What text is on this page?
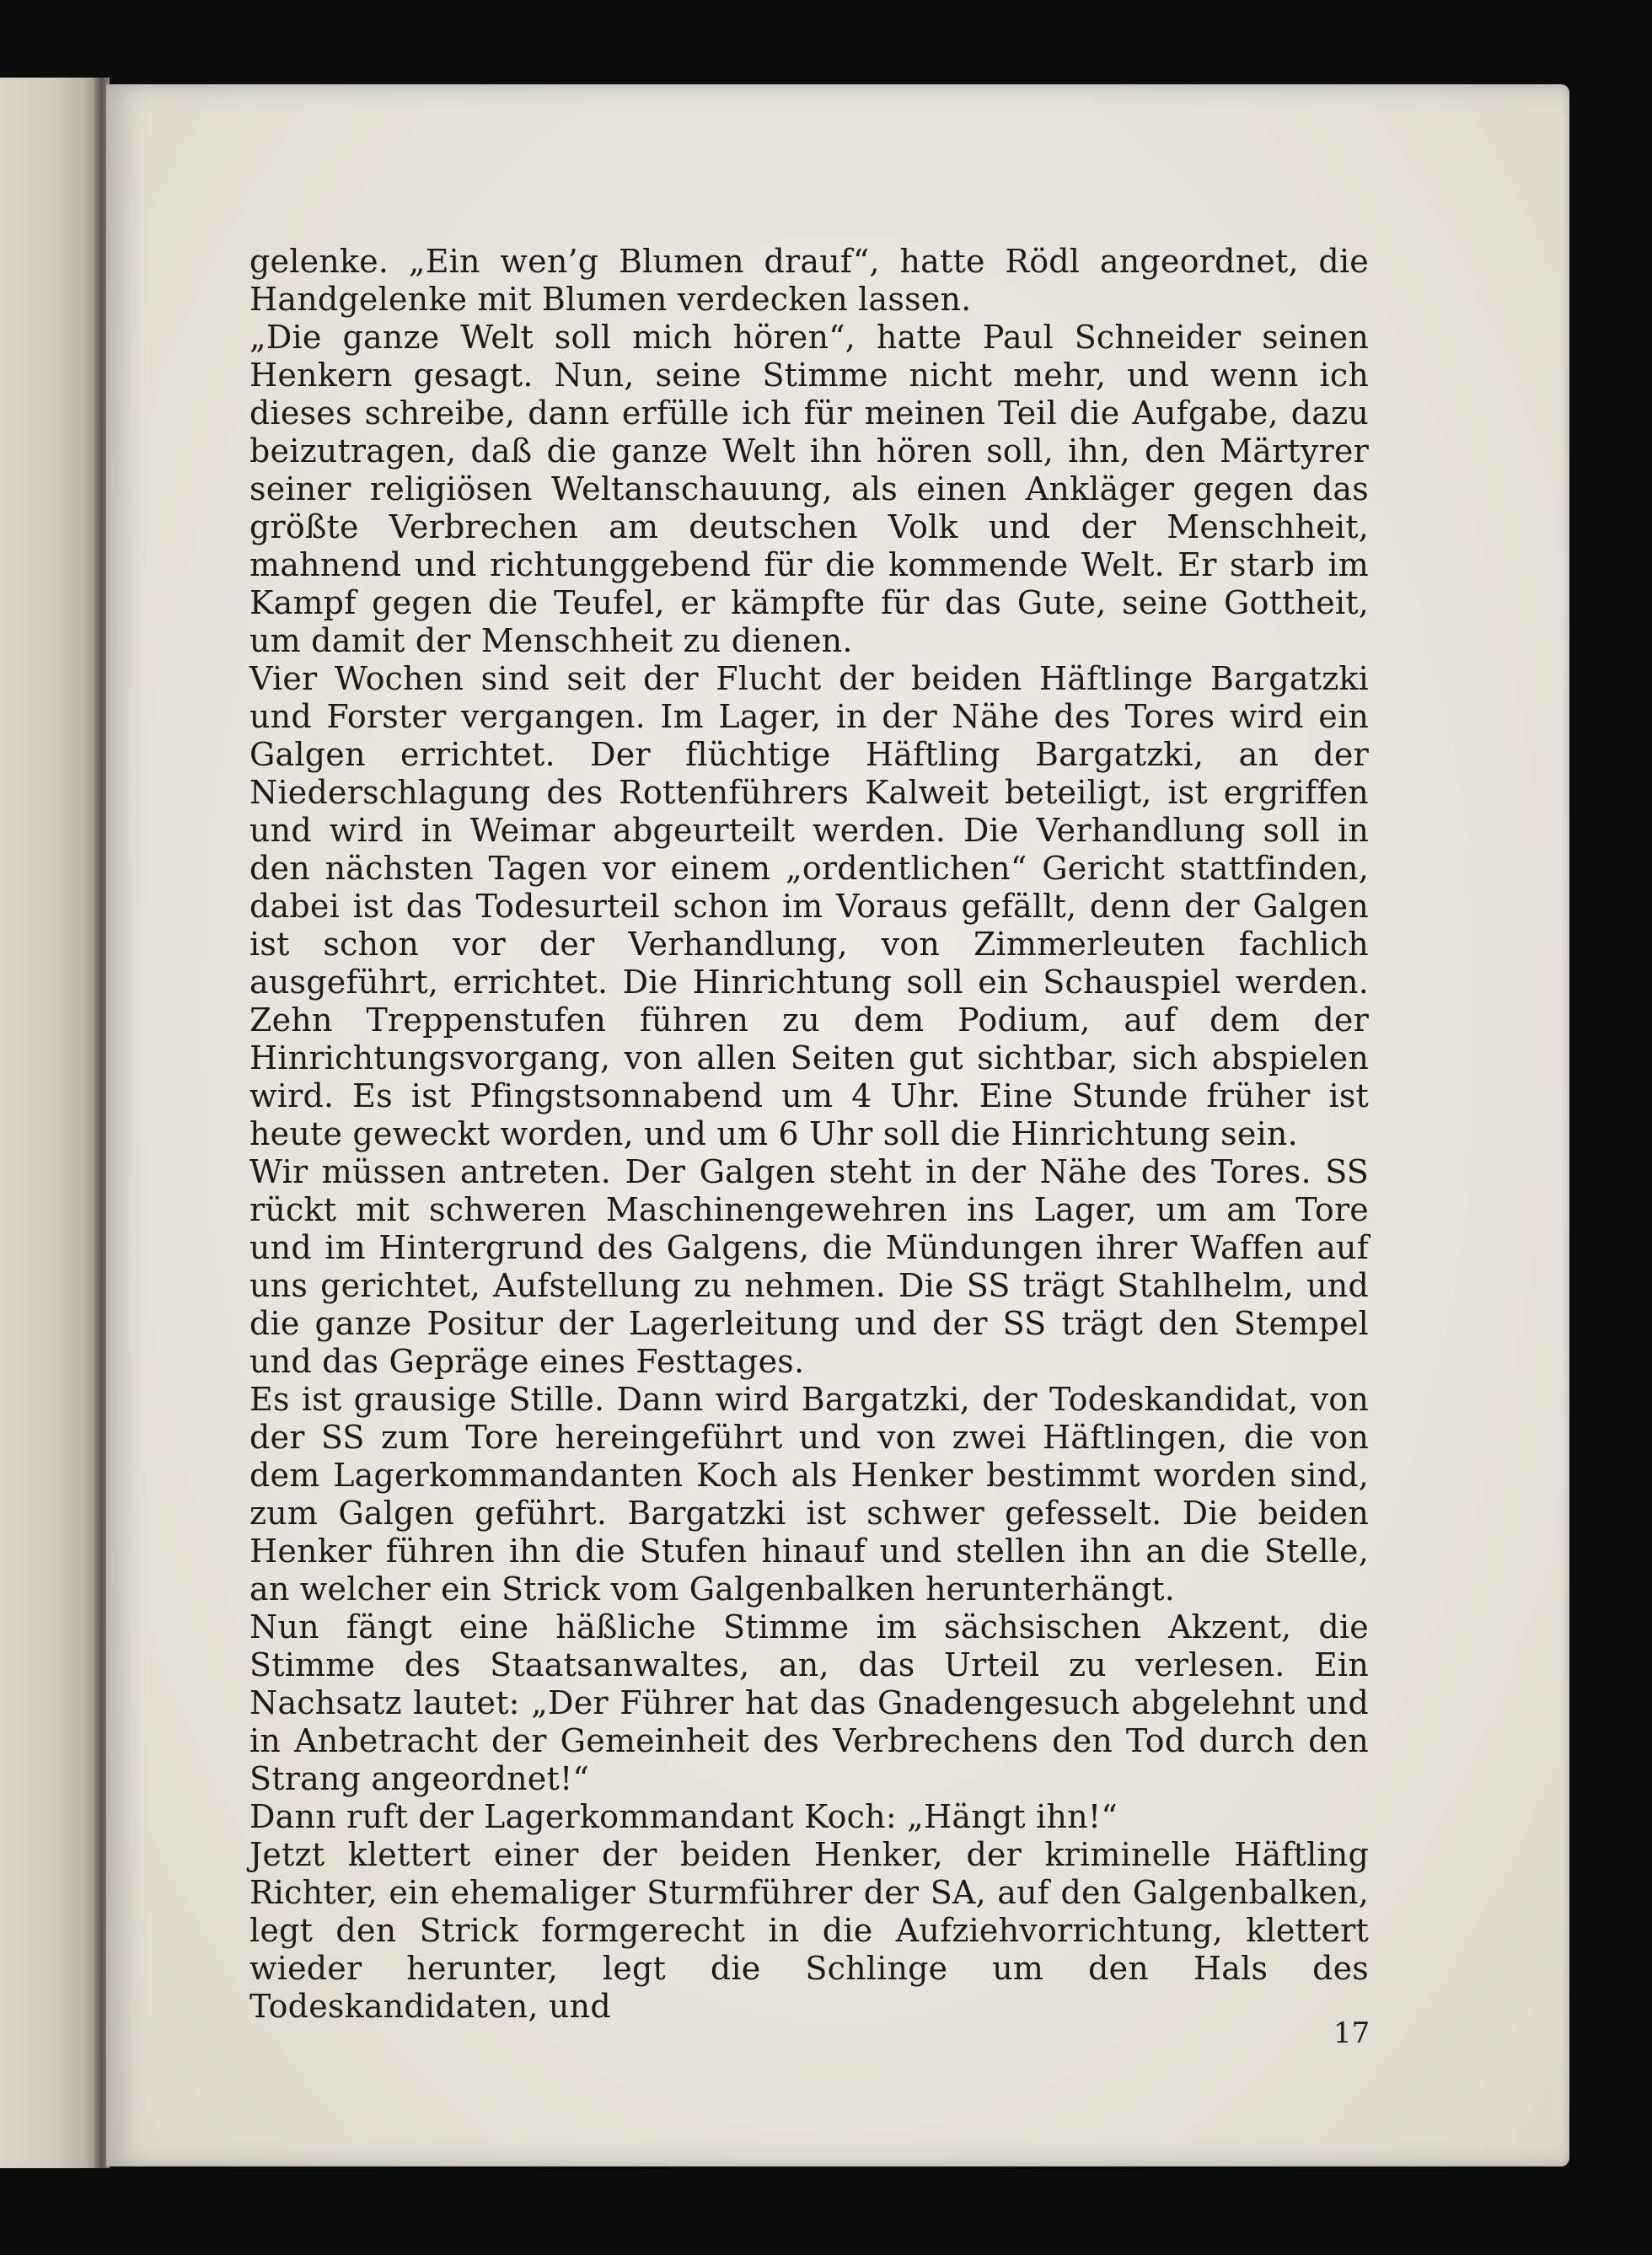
gelenke. „Ein wen’g Blumen drauf“, hatte Rödl angeordnet, die Handgelenke mit Blumen verdecken lassen.

„Die ganze Welt soll mich hören“, hatte Paul Schneider seinen Henkern gesagt. Nun, seine Stimme nicht mehr, und wenn ich dieses schreibe, dann erfülle ich für meinen Teil die Aufgabe, dazu beizutragen, daß die ganze Welt ihn hören soll, ihn, den Märtyrer seiner religiösen Weltanschauung, als einen Ankläger gegen das größte Verbrechen am deutschen Volk und der Menschheit, mahnend und richtunggebend für die kommende Welt. Er starb im Kampf gegen die Teufel, er kämpfte für das Gute, seine Gottheit, um damit der Menschheit zu dienen.

Vier Wochen sind seit der Flucht der beiden Häftlinge Bargatzki und Forster vergangen. Im Lager, in der Nähe des Tores wird ein Galgen errichtet. Der flüchtige Häftling Bargatzki, an der Niederschlagung des Rottenführers Kalweit beteiligt, ist ergriffen und wird in Weimar abgeurteilt werden. Die Verhandlung soll in den nächsten Tagen vor einem „ordentlichen“ Gericht stattfinden, dabei ist das Todesurteil schon im Voraus gefällt, denn der Galgen ist schon vor der Verhandlung, von Zimmerleuten fachlich ausgeführt, errichtet. Die Hinrichtung soll ein Schauspiel werden. Zehn Treppenstufen führen zu dem Podium, auf dem der Hinrichtungsvorgang, von allen Seiten gut sichtbar, sich abspielen wird. Es ist Pfingstsonnabend um 4 Uhr. Eine Stunde früher ist heute geweckt worden, und um 6 Uhr soll die Hinrichtung sein.

Wir müssen antreten. Der Galgen steht in der Nähe des Tores. SS rückt mit schweren Maschinengewehren ins Lager, um am Tore und im Hintergrund des Galgens, die Mündungen ihrer Waffen auf uns gerichtet, Aufstellung zu nehmen. Die SS trägt Stahlhelm, und die ganze Positur der Lagerleitung und der SS trägt den Stempel und das Gepräge eines Festtages.

Es ist grausige Stille. Dann wird Bargatzki, der Todeskandidat, von der SS zum Tore hereingeführt und von zwei Häftlingen, die von dem Lagerkommandanten Koch als Henker bestimmt worden sind, zum Galgen geführt. Bargatzki ist schwer gefesselt. Die beiden Henker führen ihn die Stufen hinauf und stellen ihn an die Stelle, an welcher ein Strick vom Galgenbalken herunterhängt.

Nun fängt eine häßliche Stimme im sächsischen Akzent, die Stimme des Staatsanwaltes, an, das Urteil zu verlesen. Ein Nachsatz lautet: „Der Führer hat das Gnadengesuch abgelehnt und in Anbetracht der Gemeinheit des Verbrechens den Tod durch den Strang angeordnet!“

Dann ruft der Lagerkommandant Koch: „Hängt ihn!“

Jetzt klettert einer der beiden Henker, der kriminelle Häftling Richter, ein ehemaliger Sturmführer der SA, auf den Galgenbalken, legt den Strick formgerecht in die Aufziehvorrichtung, klettert wieder herunter, legt die Schlinge um den Hals des Todeskandidaten, und

17
